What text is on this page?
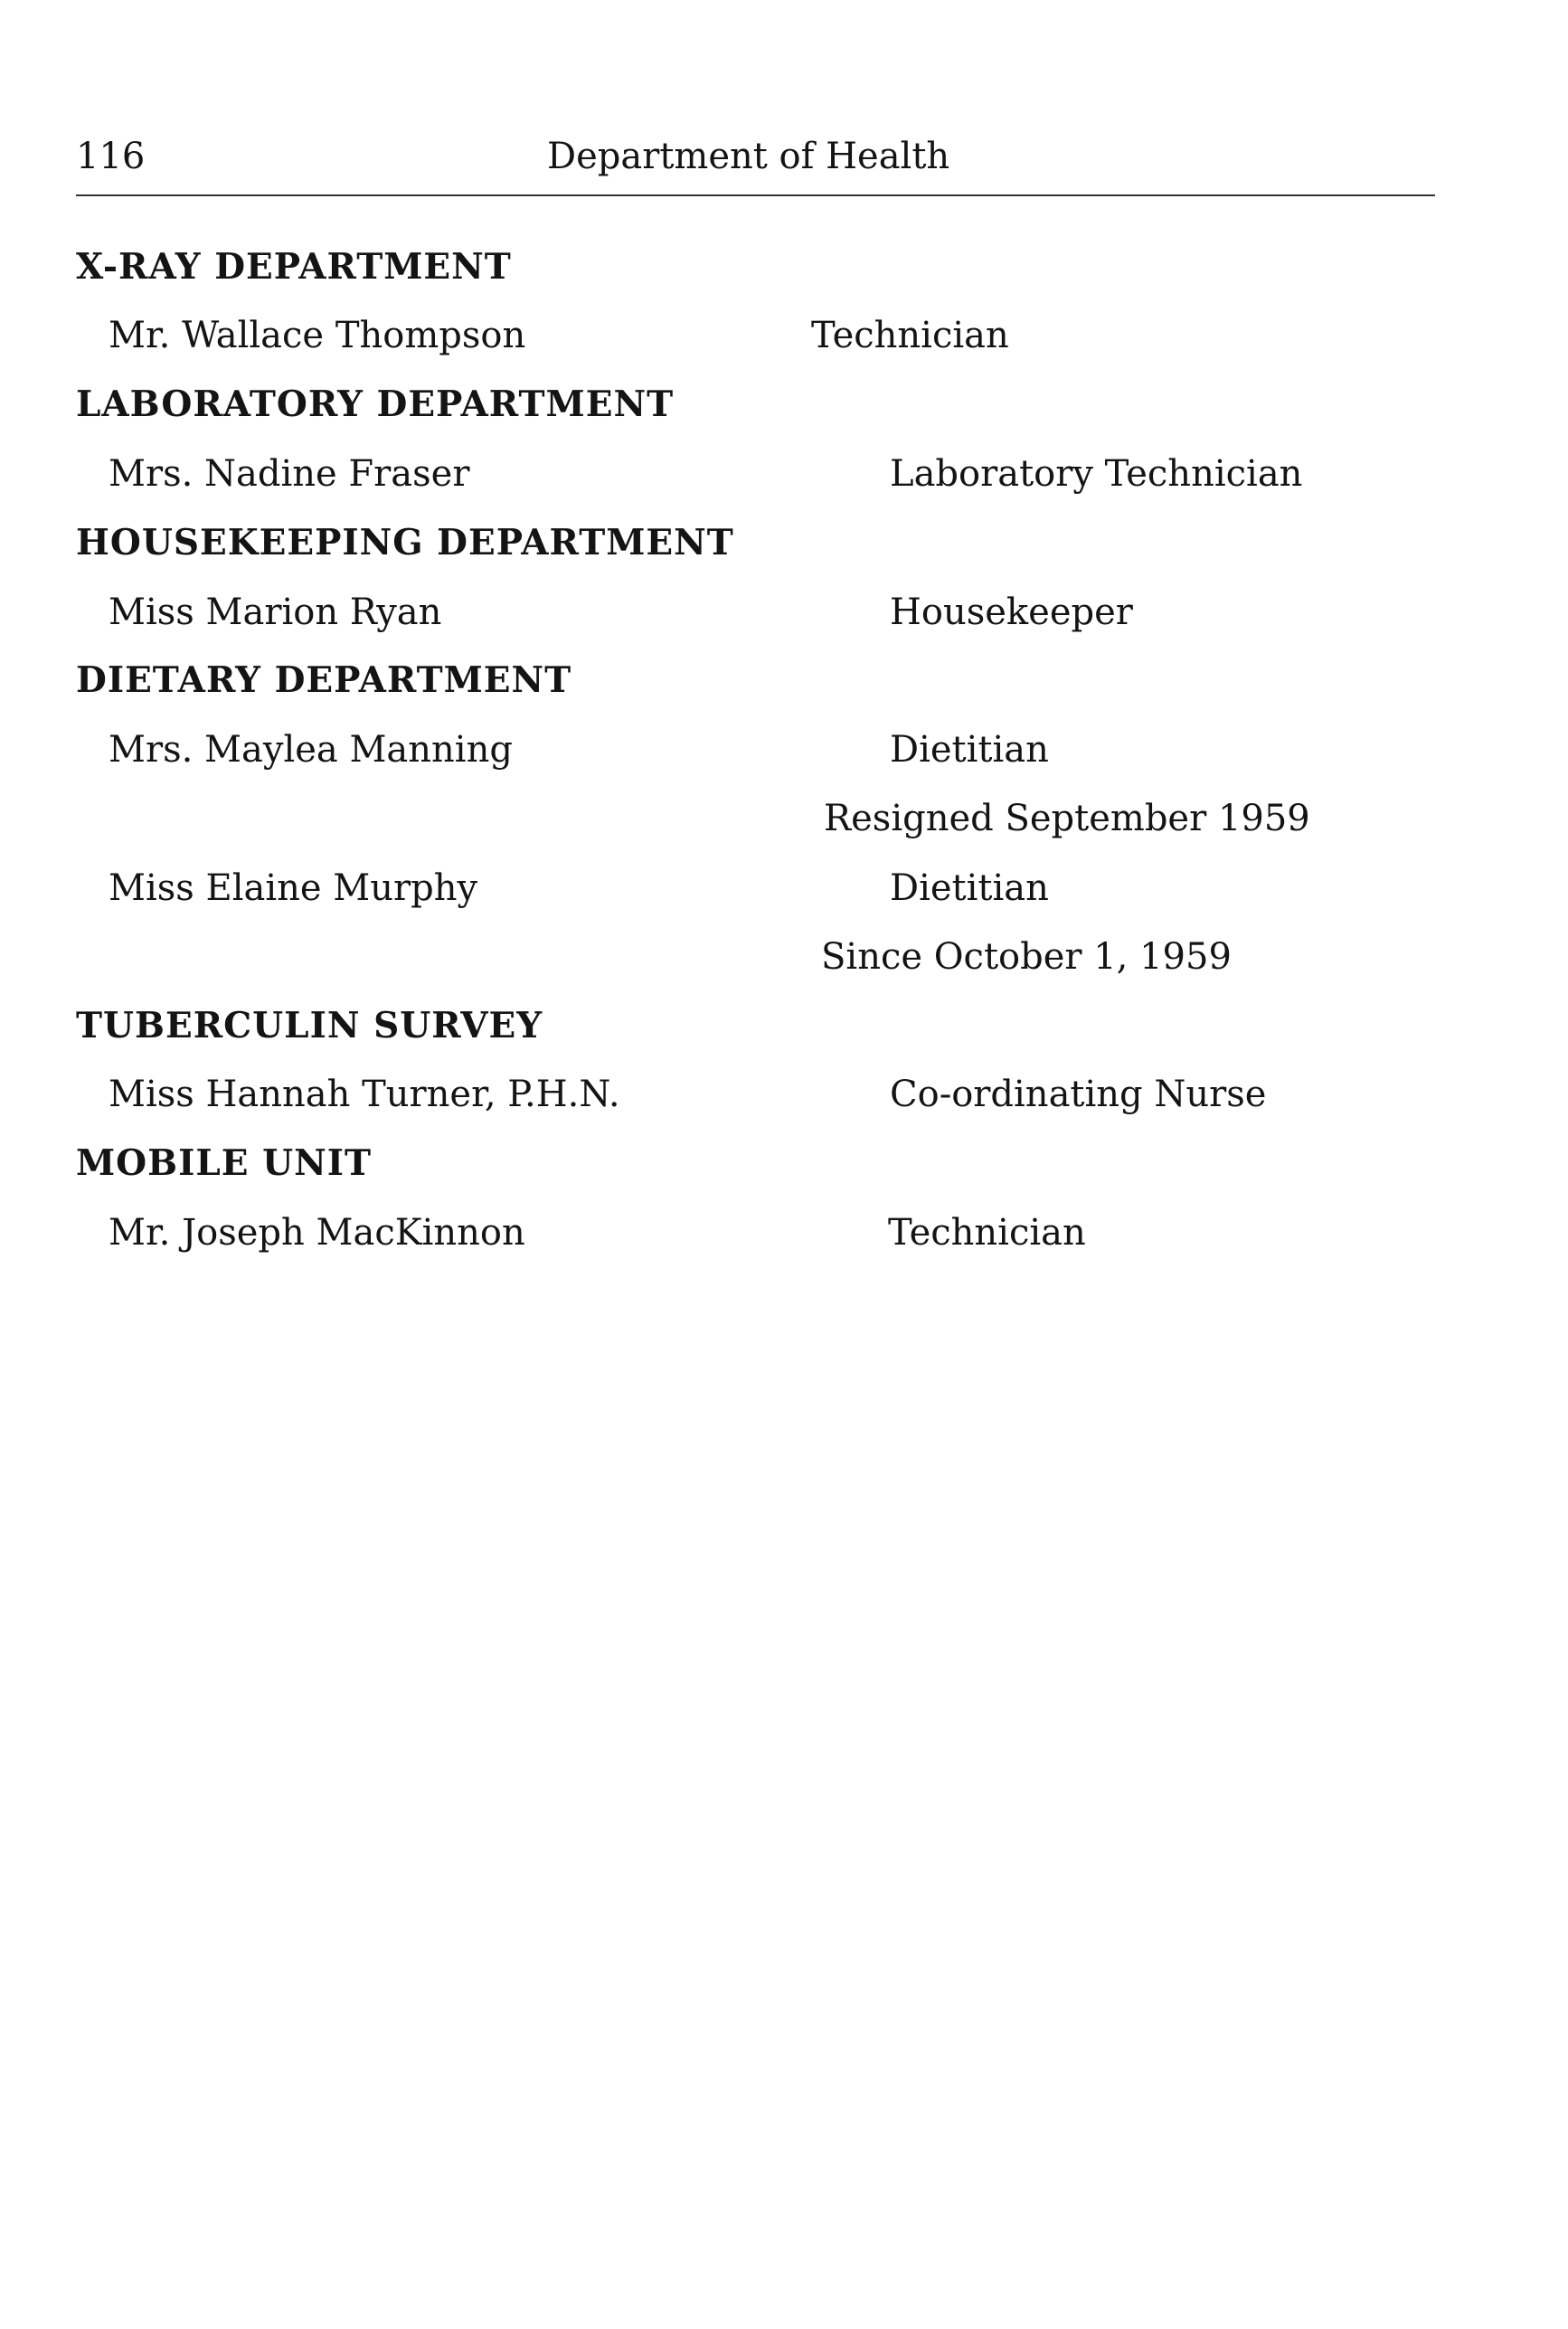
116	Department of Health
X-RAY DEPARTMENT
Mr. Wallace Thompson	Technician
LABORATORY DEPARTMENT
Mrs. Nadine Fraser	Laboratory Technician
HOUSEKEEPING DEPARTMENT
Miss Marion Ryan	Housekeeper
DIETARY DEPARTMENT
Mrs. Maylea Manning	Dietitian
Resigned September 1959
Miss Elaine Murphy	Dietitian
Since October 1, 1959
TUBERCULIN SURVEY
Miss Hannah Turner, P.H.N.	Co-ordinating Nurse
MOBILE UNIT
Mr. Joseph MacKinnon	Technician
